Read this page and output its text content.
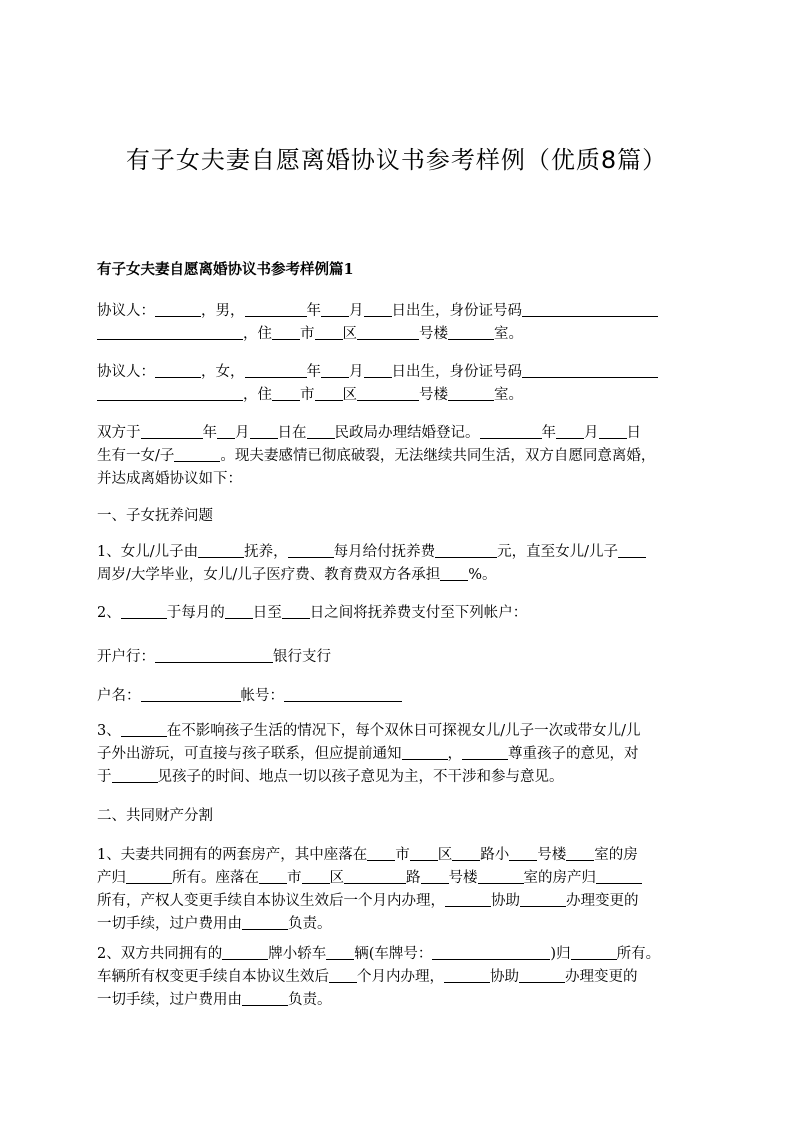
有子女夫妻自愿离婚协议书参考样例（优质8篇）
有子女夫妻自愿离婚协议书参考样例篇1
协议人：	，男，	年 月 日出生，身份证号码
，住 市 区	号楼	室。
协议人：	，女，	年 月 日出生，身份证号码
，住 市 区	号楼	室。
双方于	年 月 日在 民政局办理结婚登记。	年 月 日
生有一女/子	。现夫妻感情已彻底破裂，无法继续共同生活，双方自愿同意离婚，
并达成离婚协议如下：
一、子女抚养问题
1、女儿/儿子由	抚养，	每月给付抚养费	元，直至女儿/儿子
周岁/大学毕业，女儿/儿子医疗费、教育费双方各承担 %。
2、	于每月的 日至 日之间将抚养费支付至下列帐户：
开户行：	银行支行
户名：	帐号：
3、	在不影响孩子生活的情况下，每个双休日可探视女儿/儿子一次或带女儿/儿
子外出游玩，可直接与孩子联系，但应提前通知	，	尊重孩子的意见，对
于	见孩子的时间、地点一切以孩子意见为主，不干涉和参与意见。
二、共同财产分割
1、夫妻共同拥有的两套房产，其中座落在 市 区 路小 号楼 室的房
产归	所有。座落在 市 区	路 号楼	室的房产归
所有，产权人变更手续自本协议生效后一个月内办理，	协助	办理变更的
一切手续，过户费用由	负责。
2、双方共同拥有的	牌小轿车 辆(车牌号：	)归	所有。
车辆所有权变更手续自本协议生效后 个月内办理，	协助	办理变更的
一切手续，过户费用由	负责。
